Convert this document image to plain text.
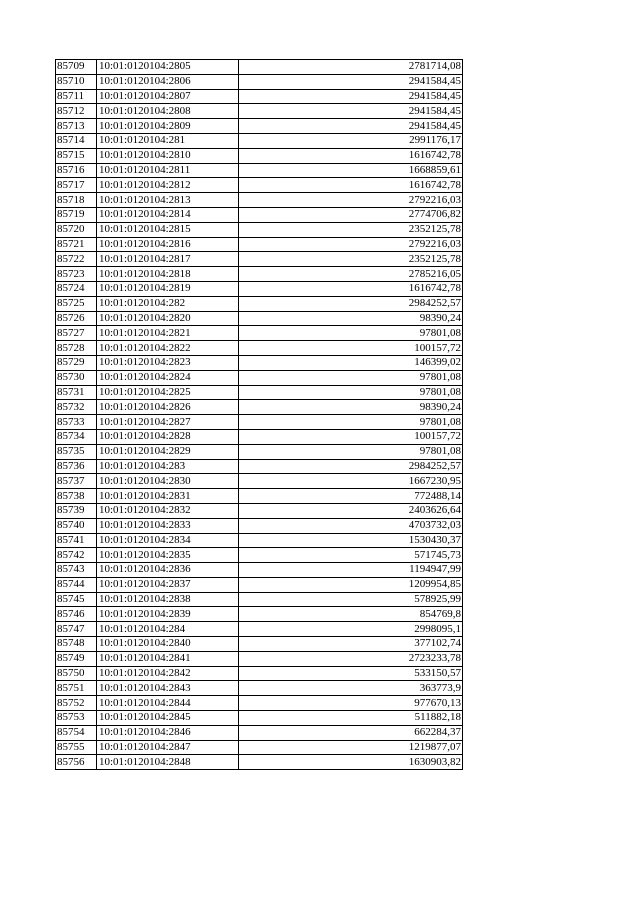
85709	10:01:0120104:2805	2781714,08
85710	10:01:0120104:2806	2941584,45
85711	10:01:0120104:2807	2941584,45
85712	10:01:0120104:2808	2941584,45
85713	10:01:0120104:2809	2941584,45
85714	10:01:0120104:281	2991176,17
85715	10:01:0120104:2810	1616742,78
85716	10:01:0120104:2811	1668859,61
85717	10:01:0120104:2812	1616742,78
85718	10:01:0120104:2813	2792216,03
85719	10:01:0120104:2814	2774706,82
85720	10:01:0120104:2815	2352125,78
85721	10:01:0120104:2816	2792216,03
85722	10:01:0120104:2817	2352125,78
85723	10:01:0120104:2818	2785216,05
85724	10:01:0120104:2819	1616742,78
85725	10:01:0120104:282	2984252,57
85726	10:01:0120104:2820	98390,24
85727	10:01:0120104:2821	97801,08
85728	10:01:0120104:2822	100157,72
85729	10:01:0120104:2823	146399,02
85730	10:01:0120104:2824	97801,08
85731	10:01:0120104:2825	97801,08
85732	10:01:0120104:2826	98390,24
85733	10:01:0120104:2827	97801,08
85734	10:01:0120104:2828	100157,72
85735	10:01:0120104:2829	97801,08
85736	10:01:0120104:283	2984252,57
85737	10:01:0120104:2830	1667230,95
85738	10:01:0120104:2831	772488,14
85739	10:01:0120104:2832	2403626,64
85740	10:01:0120104:2833	4703732,03
85741	10:01:0120104:2834	1530430,37
85742	10:01:0120104:2835	571745,73
85743	10:01:0120104:2836	1194947,99
85744	10:01:0120104:2837	1209954,85
85745	10:01:0120104:2838	578925,99
85746	10:01:0120104:2839	854769,8
85747	10:01:0120104:284	2998095,1
85748	10:01:0120104:2840	377102,74
85749	10:01:0120104:2841	2723233,78
85750	10:01:0120104:2842	533150,57
85751	10:01:0120104:2843	363773,9
85752	10:01:0120104:2844	977670,13
85753	10:01:0120104:2845	511882,18
85754	10:01:0120104:2846	662284,37
85755	10:01:0120104:2847	1219877,07
85756	10:01:0120104:2848	1630903,82
